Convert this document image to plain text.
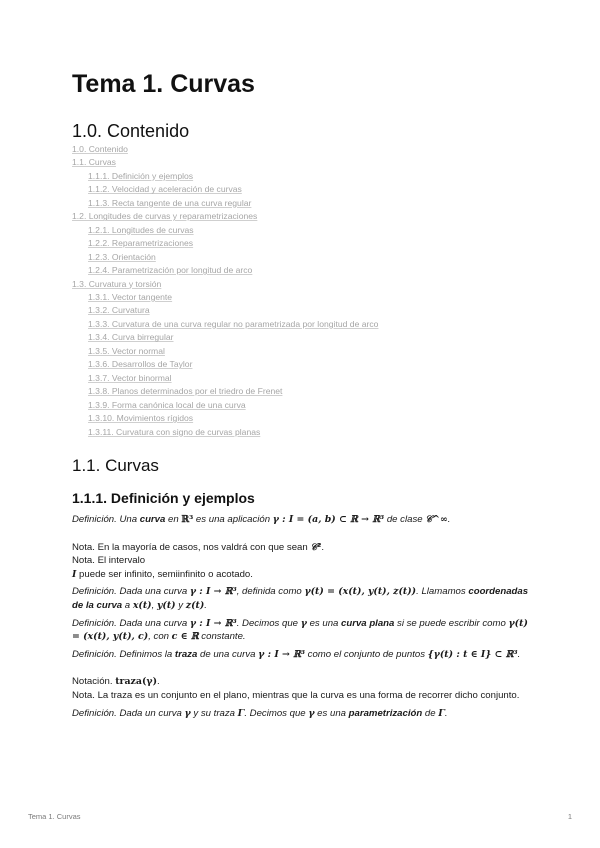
Tema 1. Curvas
1.0. Contenido
1.0. Contenido
1.1. Curvas
1.1.1. Definición y ejemplos
1.1.2. Velocidad y aceleración de curvas
1.1.3. Recta tangente de una curva regular
1.2. Longitudes de curvas y reparametrizaciones
1.2.1. Longitudes de curvas
1.2.2. Reparametrizaciones
1.2.3. Orientación
1.2.4. Parametrización por longitud de arco
1.3. Curvatura y torsión
1.3.1. Vector tangente
1.3.2. Curvatura
1.3.3. Curvatura de una curva regular no parametrizada por longitud de arco
1.3.4. Curva birregular
1.3.5. Vector normal
1.3.6. Desarrollos de Taylor
1.3.7. Vector binormal
1.3.8. Planos determinados por el triedro de Frenet
1.3.9. Forma canónica local de una curva
1.3.10. Movimientos rígidos
1.3.11. Curvatura con signo de curvas planas
1.1. Curvas
1.1.1. Definición y ejemplos

Definición. Una curva en ℝ³ es una aplicación γ : I = (a, b) ⊂ ℝ → ℝ³ de clase 𝒞^∞.

Nota. En la mayoría de casos, nos valdrá con que sean 𝒞².

Nota. El intervalo

I puede ser infinito, semiinfinito o acotado.

Definición. Dada una curva γ : I → ℝ³, definida como γ(t) = (x(t), y(t), z(t)). Llamamos coordenadas de la curva a x(t), y(t) y z(t).

Definición. Dada una curva γ : I → ℝ³. Decimos que γ es una curva plana si se puede escribir como γ(t) = (x(t), y(t), c), con c ∈ ℝ constante.

Definición. Definimos la traza de una curva γ : I → ℝ³ como el conjunto de puntos {γ(t) : t ∈ I} ⊂ ℝ³.

Notación. traza(γ).

Nota. La traza es un conjunto en el plano, mientras que la curva es una forma de recorrer dicho conjunto.

Definición. Dada un curva γ y su traza Γ. Decimos que γ es una parametrización de Γ.

Tema 1. Curvas	1
